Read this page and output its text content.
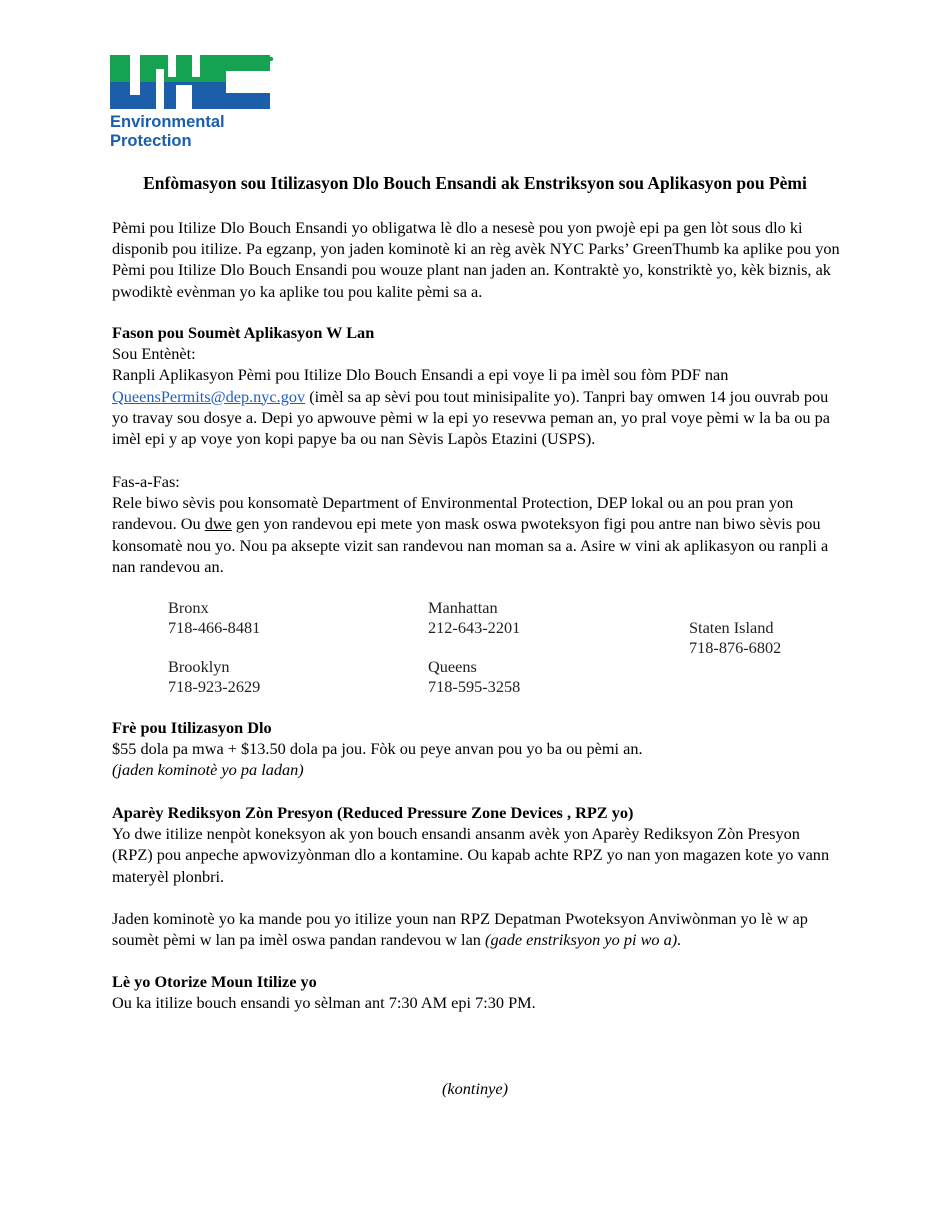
Environmental
Protection
Enfòmasyon sou Itilizasyon Dlo Bouch Ensandi ak Enstriksyon sou Aplikasyon pou Pèmi

Pèmi pou Itilize Dlo Bouch Ensandi yo obligatwa lè dlo a nesesè pou yon pwojè epi pa gen lòt sous dlo ki disponib pou itilize. Pa egzanp, yon jaden kominotè ki an règ avèk NYC Parks’ GreenThumb ka aplike pou yon Pèmi pou Itilize Dlo Bouch Ensandi pou wouze plant nan jaden an. Kontraktè yo, konstriktè yo, kèk biznis, ak pwodiktè evènman yo ka aplike tou pou kalite pèmi sa a.

Fason pou Soumèt Aplikasyon W Lan

Sou Entènèt:

Ranpli Aplikasyon Pèmi pou Itilize Dlo Bouch Ensandi a epi voye li pa imèl sou fòm PDF nan
QueensPermits@dep.nyc.gov (imèl sa ap sèvi pou tout minisipalite yo). Tanpri bay omwen 14 jou ouvrab pou yo travay sou dosye a. Depi yo apwouve pèmi w la epi yo resevwa peman an, yo pral voye pèmi w la ba ou pa imèl epi y ap voye yon kopi papye ba ou nan Sèvis Lapòs Etazini (USPS).

Fas-a-Fas:

Rele biwo sèvis pou konsomatè Department of Environmental Protection, DEP lokal ou an pou pran yon randevou. Ou dwe gen yon randevou epi mete yon mask oswa pwoteksyon figi pou antre nan biwo sèvis pou konsomatè nou yo. Nou pa aksepte vizit san randevou nan moman sa a. Asire w vini ak aplikasyon ou ranpli a nan randevou an.

Bronx
718-466-8481
Manhattan
212-643-2201	Staten Island
718-876-6802
Brooklyn
718-923-2629
Queens
718-595-3258

Frè pou Itilizasyon Dlo

$55 dola pa mwa + $13.50 dola pa jou. Fòk ou peye anvan pou yo ba ou pèmi an.

(jaden kominotè yo pa ladan)

Aparèy Rediksyon Zòn Presyon (Reduced Pressure Zone Devices , RPZ yo)

Yo dwe itilize nenpòt koneksyon ak yon bouch ensandi ansanm avèk yon Aparèy Rediksyon Zòn Presyon (RPZ) pou anpeche apwovizyònman dlo a kontamine. Ou kapab achte RPZ yo nan yon magazen kote yo vann materyèl plonbri.

Jaden kominotè yo ka mande pou yo itilize youn nan RPZ Depatman Pwoteksyon Anviwònman yo lè w ap soumèt pèmi w lan pa imèl oswa pandan randevou w lan (gade enstriksyon yo pi wo a).

Lè yo Otorize Moun Itilize yo

Ou ka itilize bouch ensandi yo sèlman ant 7:30 AM epi 7:30 PM.

(kontinye)
